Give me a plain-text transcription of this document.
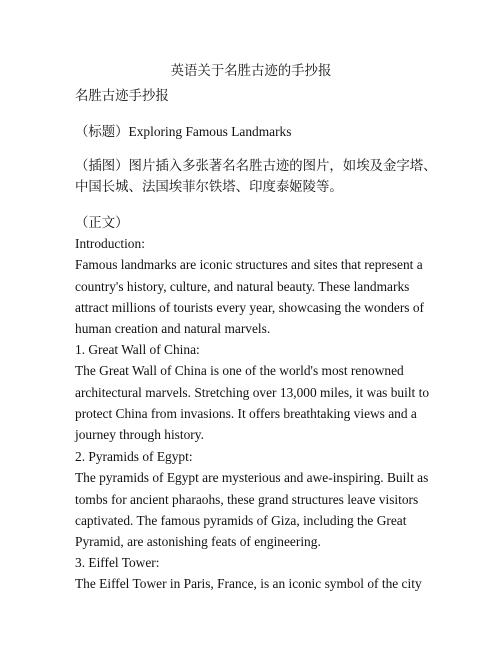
英语关于名胜古迹的手抄报
名胜古迹手抄报
（标题）Exploring Famous Landmarks

（插图）图片插入多张著名名胜古迹的图片，如埃及金字塔、中国长城、法国埃菲尔铁塔、印度泰姬陵等。

（正文）

Introduction:

Famous landmarks are iconic structures and sites that represent a country's history, culture, and natural beauty. These landmarks attract millions of tourists every year, showcasing the wonders of human creation and natural marvels.

1. Great Wall of China:

The Great Wall of China is one of the world's most renowned architectural marvels. Stretching over 13,000 miles, it was built to protect China from invasions. It offers breathtaking views and a journey through history.

2. Pyramids of Egypt:

The pyramids of Egypt are mysterious and awe-inspiring. Built as tombs for ancient pharaohs, these grand structures leave visitors captivated. The famous pyramids of Giza, including the Great Pyramid, are astonishing feats of engineering.

3. Eiffel Tower:

The Eiffel Tower in Paris, France, is an iconic symbol of the city
